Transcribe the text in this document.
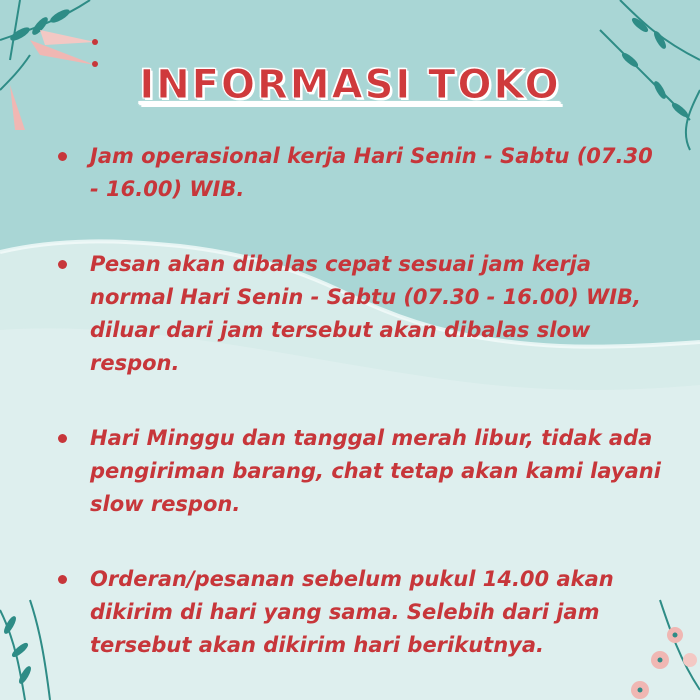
INFORMASI TOKO
Jam operasional kerja Hari Senin - Sabtu (07.30 - 16.00) WIB.
Pesan akan dibalas cepat sesuai jam kerja normal Hari Senin - Sabtu (07.30 - 16.00) WIB, diluar dari jam tersebut akan dibalas slow respon.
Hari Minggu dan tanggal merah libur, tidak ada pengiriman barang, chat tetap akan kami layani slow respon.
Orderan/pesanan sebelum pukul 14.00 akan dikirim di hari yang sama. Selebih dari jam tersebut akan dikirim hari berikutnya.
